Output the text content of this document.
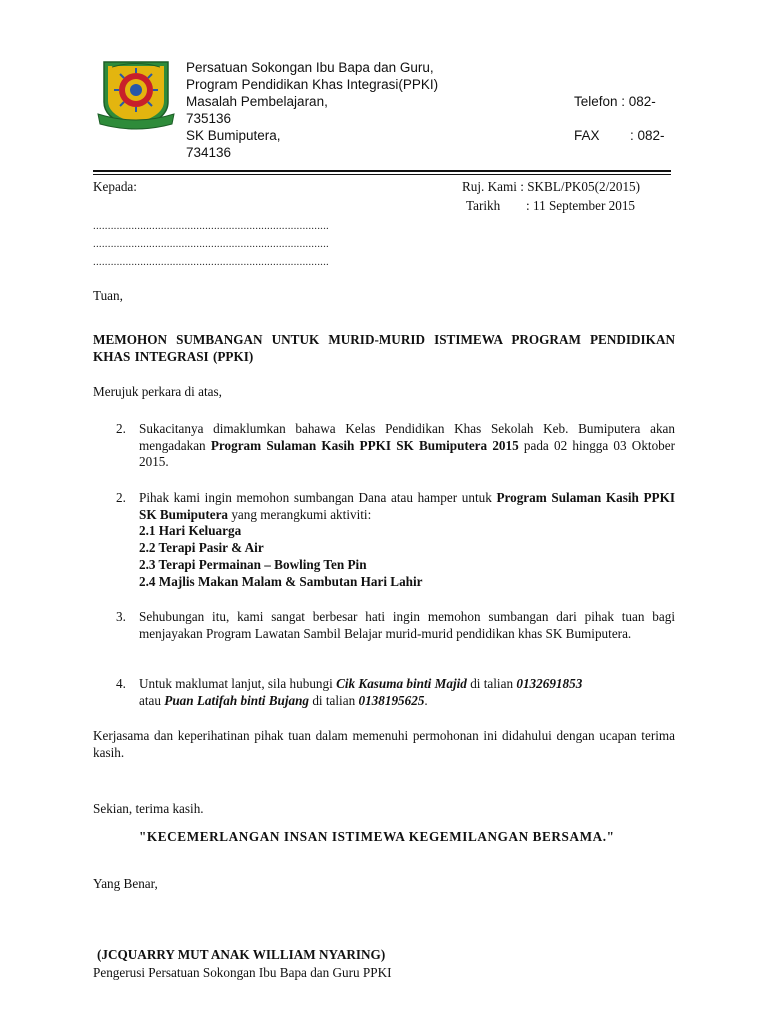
Persatuan Sokongan Ibu Bapa dan Guru,
Program Pendidikan Khas Integrasi(PPKI)
Masalah Pembelajaran,	Telefon : 082-
735136
SK Bumiputera,	FAX : 082-
734136
Kepada:	Ruj. Kami : SKBL/PK05(2/2015)
Tarikh : 11 September 2015
................................................................................
................................................................................
................................................................................
Tuan,
MEMOHON SUMBANGAN UNTUK MURID-MURID ISTIMEWA PROGRAM PENDIDIKAN KHAS INTEGRASI (PPKI)
Merujuk perkara di atas,
2. Sukacitanya dimaklumkan bahawa Kelas Pendidikan Khas Sekolah Keb. Bumiputera akan mengadakan Program Sulaman Kasih PPKI SK Bumiputera 2015 pada 02 hingga 03 Oktober 2015.
2. Pihak kami ingin memohon sumbangan Dana atau hamper untuk Program Sulaman Kasih PPKI SK Bumiputera yang merangkumi aktiviti:
2.1 Hari Keluarga
2.2 Terapi Pasir & Air
2.3 Terapi Permainan – Bowling Ten Pin
2.4 Majlis Makan Malam & Sambutan Hari Lahir
3. Sehubungan itu, kami sangat berbesar hati ingin memohon sumbangan dari pihak tuan bagi menjayakan Program Lawatan Sambil Belajar murid-murid pendidikan khas SK Bumiputera.
4. Untuk maklumat lanjut, sila hubungi Cik Kasuma binti Majid di talian 0132691853
atau Puan Latifah binti Bujang di talian 0138195625.
Kerjasama dan keperihatinan pihak tuan dalam memenuhi permohonan ini didahului dengan ucapan terima kasih.
Sekian, terima kasih.
"KECEMERLANGAN INSAN ISTIMEWA KEGEMILANGAN BERSAMA."
Yang Benar,
(JCQUARRY MUT ANAK WILLIAM NYARING)
Pengerusi Persatuan Sokongan Ibu Bapa dan Guru PPKI
